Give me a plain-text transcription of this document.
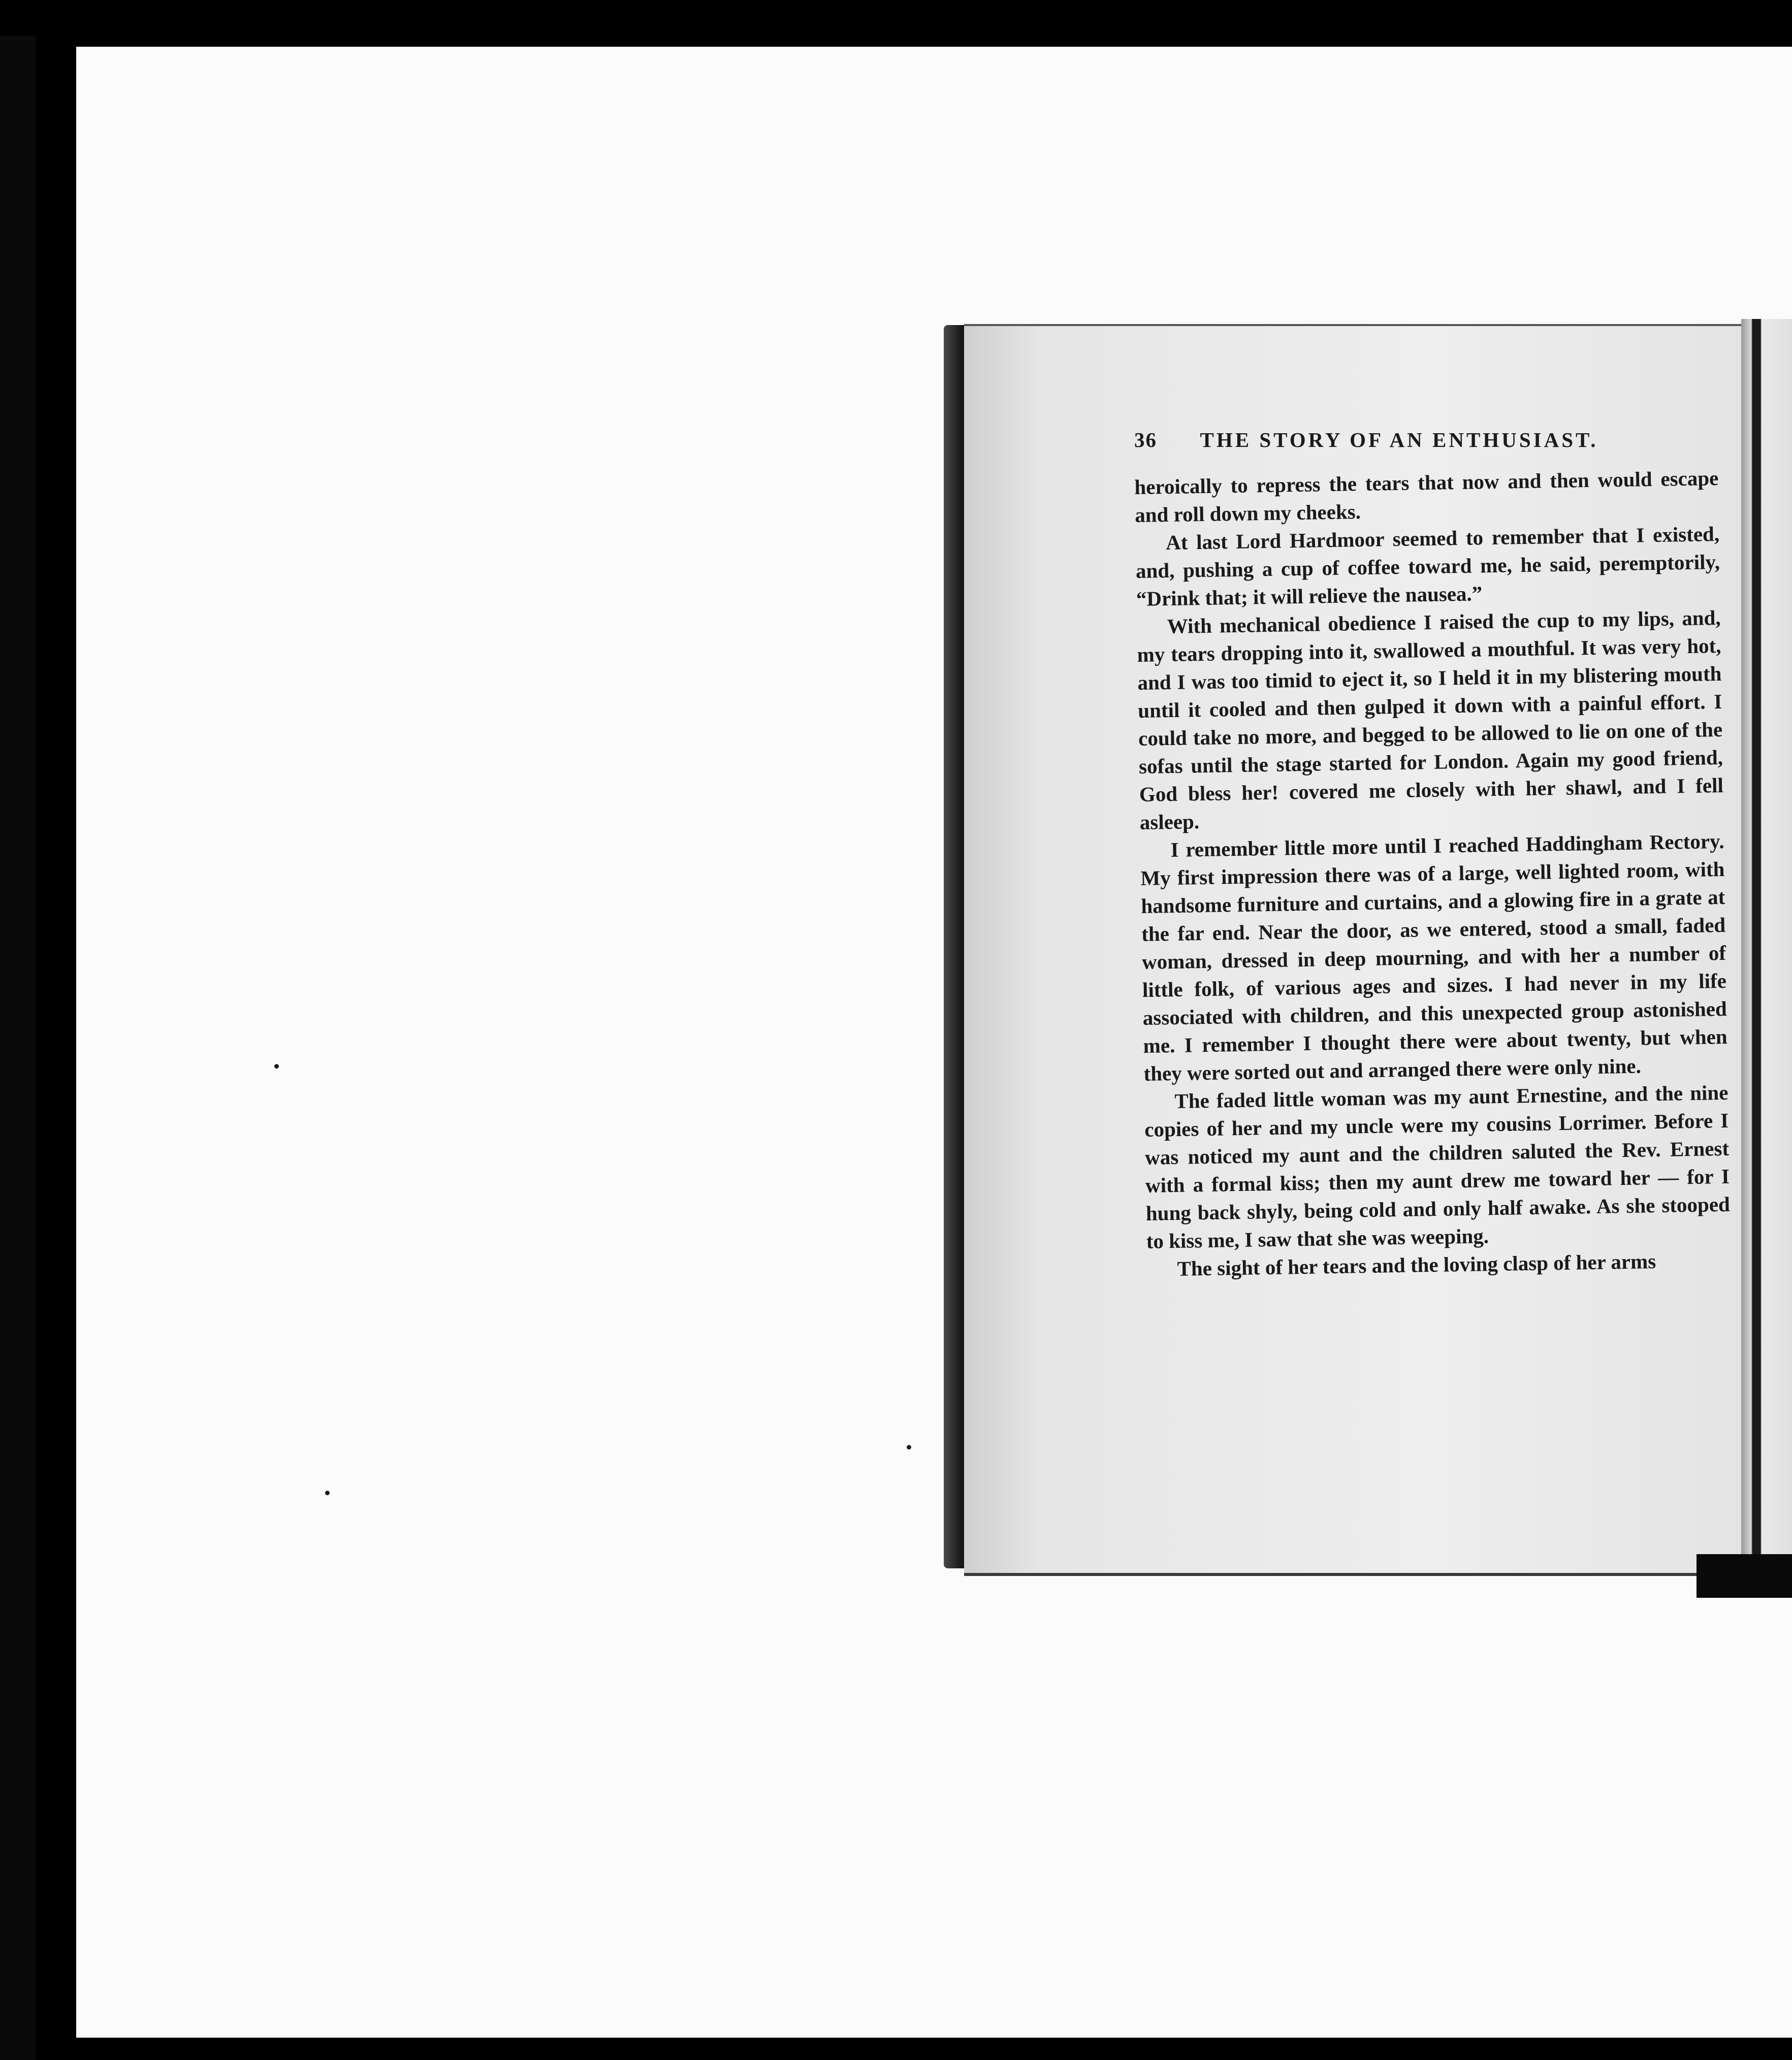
36 THE STORY OF AN ENTHUSIAST.

heroically to repress the tears that now and then would escape and roll down my cheeks.

At last Lord Hardmoor seemed to remember that I existed, and, pushing a cup of coffee toward me, he said, peremptorily, “Drink that; it will relieve the nausea.”

With mechanical obedience I raised the cup to my lips, and, my tears dropping into it, swallowed a mouthful. It was very hot, and I was too timid to eject it, so I held it in my blistering mouth until it cooled and then gulped it down with a painful effort. I could take no more, and begged to be allowed to lie on one of the sofas until the stage started for London. Again my good friend, God bless her! covered me closely with her shawl, and I fell asleep.

I remember little more until I reached Haddingham Rectory. My first impression there was of a large, well lighted room, with handsome furniture and curtains, and a glowing fire in a grate at the far end. Near the door, as we entered, stood a small, faded woman, dressed in deep mourning, and with her a number of little folk, of various ages and sizes. I had never in my life associated with children, and this unexpected group astonished me. I remember I thought there were about twenty, but when they were sorted out and arranged there were only nine.

The faded little woman was my aunt Ernestine, and the nine copies of her and my uncle were my cousins Lorrimer. Before I was noticed my aunt and the children saluted the Rev. Ernest with a formal kiss; then my aunt drew me toward her — for I hung back shyly, being cold and only half awake. As she stooped to kiss me, I saw that she was weeping.

The sight of her tears and the loving clasp of her arms
